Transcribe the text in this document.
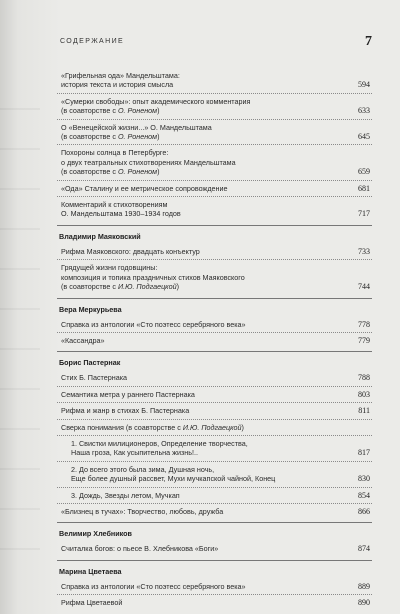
СОДЕРЖАНИЕ	7
«Грифельная ода» Мандельштама:
история текста и история смысла	594
«Сумерки свободы»: опыт академического комментария
(в соавторстве с О. Роненом)	633
О «Венецейской жизни...» О. Мандельштама
(в соавторстве с О. Роненом)	645
Похороны солнца в Петербурге:
о двух театральных стихотворениях Мандельштама
(в соавторстве с О. Роненом)	659
«Ода» Сталину и ее метрическое сопровождение	681
Комментарий к стихотворениям
О. Мандельштама 1930–1934 годов	717
Владимир Маяковский
Рифма Маяковского: двадцать конъектур	733
Грядущей жизни годовщины:
композиция и топика праздничных стихов Маяковского
(в соавторстве с И.Ю. Подгаецкой)	744
Вера Меркурьева
Справка из антологии «Сто поэтесс серебряного века»	778
«Кассандра»	779
Борис Пастернак
Стих Б. Пастернака	788
Семантика метра у раннего Пастернака	803
Рифма и жанр в стихах Б. Пастернака	811
Сверка понимания (в соавторстве с И.Ю. Подгаецкой)
1. Свистки милиционеров, Определение творчества,
Наша гроза, Как усыпительна жизнь!..	817
2. До всего этого была зима, Душная ночь,
Еще более душный рассвет, Мухи мучкапской чайной, Конец	830
3. Дождь, Звезды летом, Мучкап	854
«Близнец в тучах»: Творчество, любовь, дружба	866
Велимир Хлебников
Считалка богов: о пьесе В. Хлебникова «Боги»	874
Марина Цветаева
Справка из антологии «Сто поэтесс серебряного века»	889
Рифма Цветаевой	890
